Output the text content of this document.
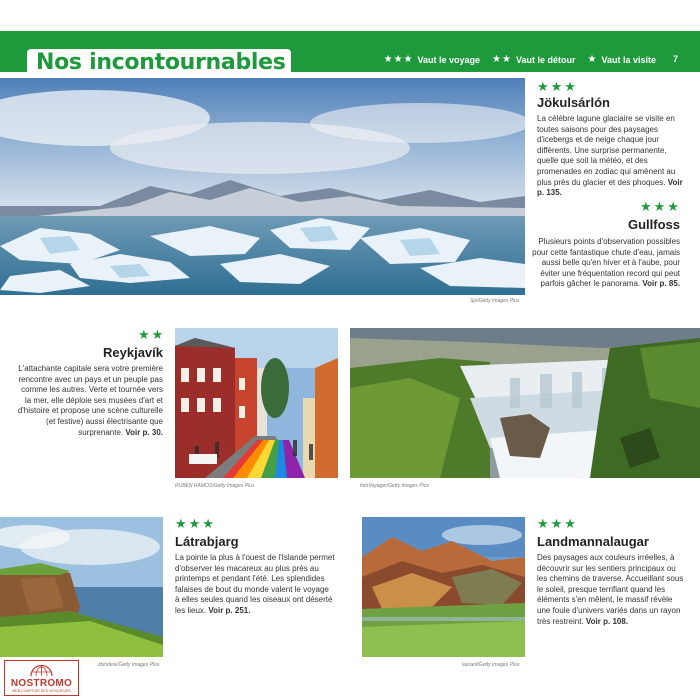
Nos incontournables	★★★ Vaut le voyage ★★ Vaut le détour ★ Vaut la visite 7
Sjo/Getty Images Plus
★★★
Jökulsárlón
La célèbre lagune glaciaire se visite en toutes saisons pour des paysages d'icebergs et de neige chaque jour différents. Une surprise permanente, quelle que soit la météo, et des promenades en zodiac qui amènent au plus près du glacier et des phoques. Voir p. 135.
★★★
Gullfoss
Plusieurs points d'observation possibles pour cette fantastique chute d'eau, jamais aussi belle qu'en hiver et à l'aube, pour éviter une fréquentation record qui peut parfois gâcher le panorama. Voir p. 85.
★★
Reykjavík
L'attachante capitale sera votre première rencontre avec un pays et un peuple pas comme les autres. Verte et tournée vers la mer, elle déploie ses musées d'art et d'histoire et propose une scène culturelle (et festive) aussi électrisante que surprenante. Voir p. 30.
RUBEN RAMOS/Getty Images Plus	fotoVoyager/Getty Images Plus
zbindere/Getty Images Plus
★★★
Látrabjarg
La pointe la plus à l'ouest de l'Islande permet d'observer les macareux au plus près au printemps et pendant l'été. Les splendides falaises de bout du monde valent le voyage à elles seules quand les oiseaux ont déserté les lieux. Voir p. 251.
lauranf/Getty Images Plus
★★★
Landmannalaugar
Des paysages aux couleurs irréelles, à découvrir sur les sentiers principaux ou les chemins de traverse. Accueillant sous le soleil, presque terrifiant quand les éléments s'en mêlent, le massif révèle une foule d'univers variés dans un rayon très restreint. Voir p. 108.
NOSTROMO
WEB COMPTOIR DES VOYAGEURS
